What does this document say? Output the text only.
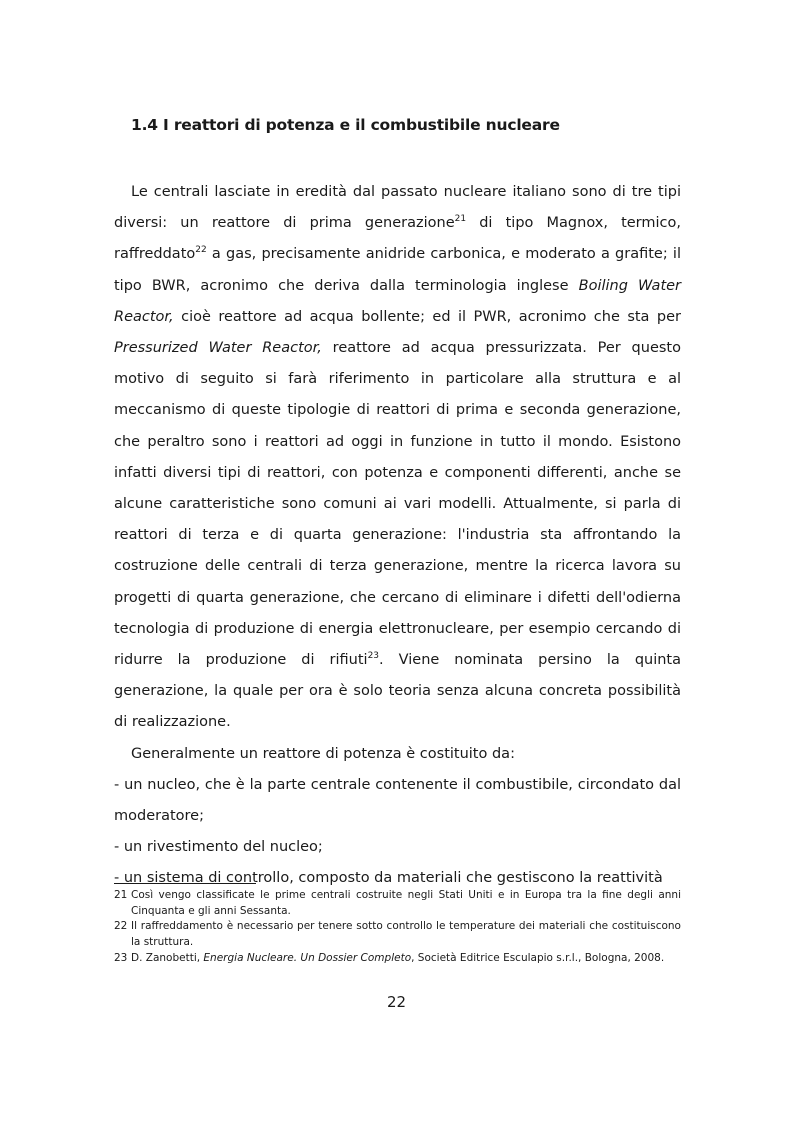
1.4 I reattori di potenza e il combustibile nucleare

Le centrali lasciate in eredità dal passato nucleare italiano sono di tre tipi diversi: un reattore di prima generazione$^{21}$ di tipo Magnox, termico, raffreddato$^{22}$ a gas, precisamente anidride carbonica, e moderato a grafite; il tipo BWR, acronimo che deriva dalla terminologia inglese Boiling Water Reactor, cioè reattore ad acqua bollente; ed il PWR, acronimo che sta per Pressurized Water Reactor, reattore ad acqua pressurizzata. Per questo motivo di seguito si farà riferimento in particolare alla struttura e al meccanismo di queste tipologie di reattori di prima e seconda generazione, che peraltro sono i reattori ad oggi in funzione in tutto il mondo. Esistono infatti diversi tipi di reattori, con potenza e componenti differenti, anche se alcune caratteristiche sono comuni ai vari modelli. Attualmente, si parla di reattori di terza e di quarta generazione: l'industria sta affrontando la costruzione delle centrali di terza generazione, mentre la ricerca lavora su progetti di quarta generazione, che cercano di eliminare i difetti dell'odierna tecnologia di produzione di energia elettronucleare, per esempio cercando di ridurre la produzione di rifiuti$^{23}$. Viene nominata persino la quinta generazione, la quale per ora è solo teoria senza alcuna concreta possibilità di realizzazione.

Generalmente un reattore di potenza è costituito da:

- un nucleo, che è la parte centrale contenente il combustibile, circondato dal moderatore;

- un rivestimento del nucleo;

- un sistema di controllo, composto da materiali che gestiscono la reattività

21 Così vengo classificate le prime centrali costruite negli Stati Uniti e in Europa tra la fine degli anni Cinquanta e gli anni Sessanta.
22 Il raffreddamento è necessario per tenere sotto controllo le temperature dei materiali che costituiscono la struttura.
23 D. Zanobetti, Energia Nucleare. Un Dossier Completo, Società Editrice Esculapio s.r.l., Bologna, 2008.
22
